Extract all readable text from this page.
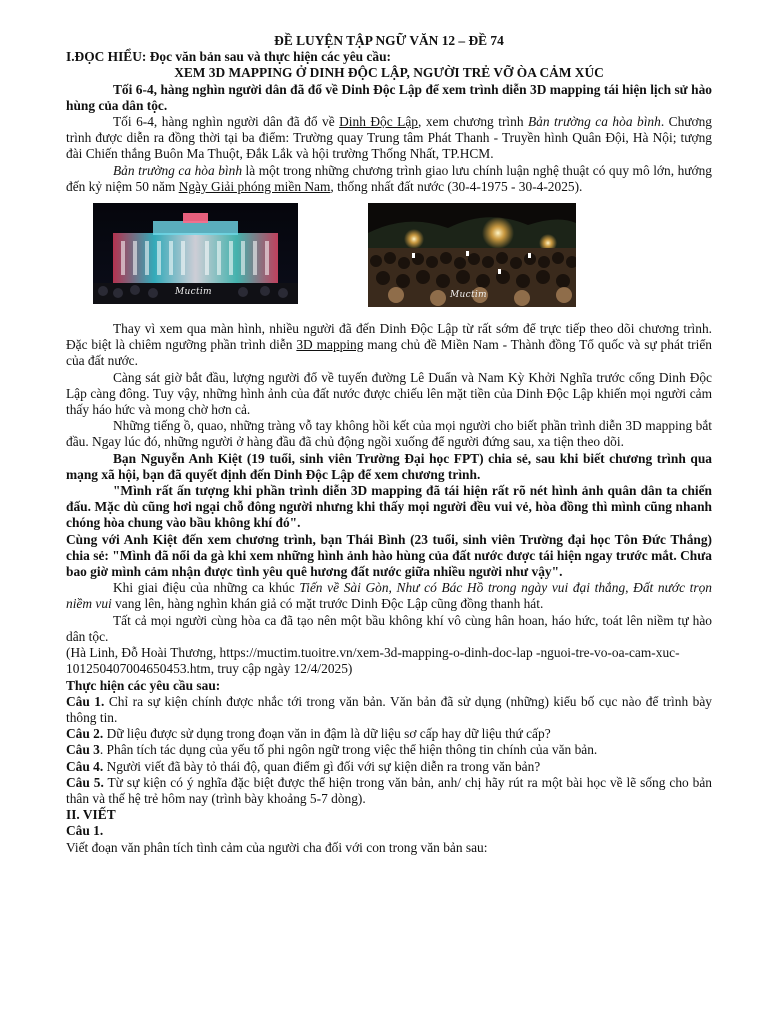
ĐỀ LUYỆN TẬP NGỮ VĂN 12 – ĐỀ 74

I.ĐỌC HIỂU: Đọc văn bản sau và thực hiện các yêu cầu:

XEM 3D MAPPING Ở DINH ĐỘC LẬP, NGƯỜI TRẺ VỠ ÒA CẢM XÚC

Tối 6-4, hàng nghìn người dân đã đổ về Dinh Độc Lập để xem trình diễn 3D mapping tái hiện lịch sử hào hùng của dân tộc.

Tối 6-4, hàng nghìn người dân đã đổ về Dinh Độc Lập, xem chương trình Bản trường ca hòa bình. Chương trình được diễn ra đồng thời tại ba điểm: Trường quay Trung tâm Phát Thanh - Truyền hình Quân Đội, Hà Nội; tượng đài Chiến thắng Buôn Ma Thuột, Đắk Lắk và hội trường Thống Nhất, TP.HCM.

Bản trường ca hòa bình là một trong những chương trình giao lưu chính luận nghệ thuật có quy mô lớn, hướng đến kỷ niệm 50 năm Ngày Giải phóng miền Nam, thống nhất đất nước (30-4-1975 - 30-4-2025).

Muctim	Muctim

Thay vì xem qua màn hình, nhiều người đã đến Dinh Độc Lập từ rất sớm để trực tiếp theo dõi chương trình. Đặc biệt là chiêm ngưỡng phần trình diễn 3D mapping mang chủ đề Miền Nam - Thành đồng Tổ quốc và sự phát triển của đất nước.

Càng sát giờ bắt đầu, lượng người đổ về tuyến đường Lê Duẩn và Nam Kỳ Khởi Nghĩa trước cổng Dinh Độc Lập càng đông. Tuy vậy, những hình ảnh của đất nước được chiếu lên mặt tiền của Dinh Độc Lập khiến mọi người cảm thấy háo hức và mong chờ hơn cả.

Những tiếng ồ, quao, những tràng vỗ tay không hồi kết của mọi người cho biết phần trình diễn 3D mapping bắt đầu. Ngay lúc đó, những người ở hàng đầu đã chủ động ngồi xuống để người đứng sau, xa tiện theo dõi.

Bạn Nguyễn Anh Kiệt (19 tuổi, sinh viên Trường Đại học FPT) chia sẻ, sau khi biết chương trình qua mạng xã hội, bạn đã quyết định đến Dinh Độc Lập để xem chương trình.

"Mình rất ấn tượng khi phần trình diễn 3D mapping đã tái hiện rất rõ nét hình ảnh quân dân ta chiến đấu. Mặc dù cũng hơi ngại chỗ đông người nhưng khi thấy mọi người đều vui vẻ, hòa đồng thì mình cũng nhanh chóng hòa chung vào bầu không khí đó".

Cùng với Anh Kiệt đến xem chương trình, bạn Thái Bình (23 tuổi, sinh viên Trường đại học Tôn Đức Thắng) chia sẻ: "Mình đã nổi da gà khi xem những hình ảnh hào hùng của đất nước được tái hiện ngay trước mắt. Chưa bao giờ mình cảm nhận được tình yêu quê hương đất nước giữa nhiều người như vậy".

Khi giai điệu của những ca khúc Tiến về Sài Gòn, Như có Bác Hồ trong ngày vui đại thắng, Đất nước trọn niềm vui vang lên, hàng nghìn khán giả có mặt trước Dinh Độc Lập cũng đồng thanh hát.

Tất cả mọi người cùng hòa ca đã tạo nên một bầu không khí vô cùng hân hoan, háo hức, toát lên niềm tự hào dân tộc.

(Hà Linh, Đỗ Hoài Thương, https://muctim.tuoitre.vn/xem-3d-mapping-o-dinh-doc-lap -nguoi-tre-vo-oa-cam-xuc-101250407004650453.htm, truy cập ngày 12/4/2025)

Thực hiện các yêu cầu sau:

Câu 1. Chỉ ra sự kiện chính được nhắc tới trong văn bản. Văn bản đã sử dụng (những) kiểu bố cục nào để trình bày thông tin.

Câu 2. Dữ liệu được sử dụng trong đoạn văn in đậm là dữ liệu sơ cấp hay dữ liệu thứ cấp?

Câu 3. Phân tích tác dụng của yếu tố phi ngôn ngữ trong việc thể hiện thông tin chính của văn bản.

Câu 4. Người viết đã bày tỏ thái độ, quan điểm gì đối với sự kiện diễn ra trong văn bản?

Câu 5. Từ sự kiện có ý nghĩa đặc biệt được thể hiện trong văn bản, anh/ chị hãy rút ra một bài học về lẽ sống cho bản thân và thế hệ trẻ hôm nay (trình bày khoảng 5-7 dòng).

II. VIẾT

Câu 1.

Viết đoạn văn phân tích tình cảm của người cha đối với con trong văn bản sau:
